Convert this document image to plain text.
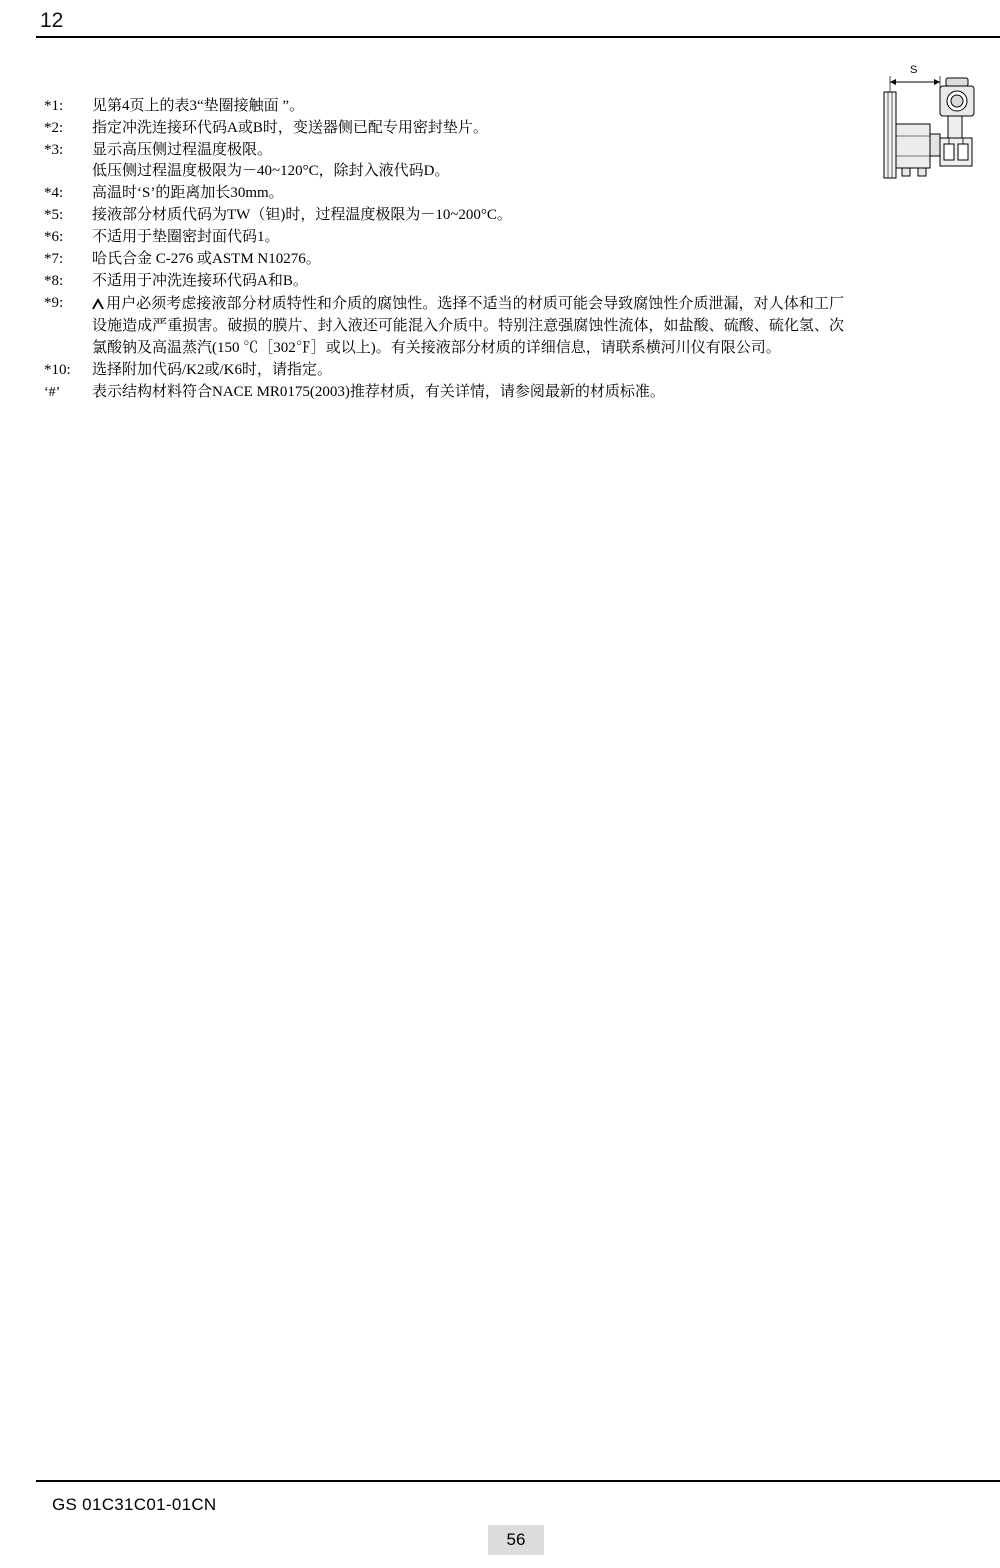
12
S
*1:	见第4页上的表3“垫圈接触面 ”。
*2:	指定冲洗连接环代码A或B时，变送器侧已配专用密封垫片。
*3:	显示高压侧过程温度极限。
低压侧过程温度极限为－40~120°C，除封入液代码D。
*4:	高温时‘S’的距离加长30mm。
*5:	接液部分材质代码为TW（钽)时，过程温度极限为－10~200°C。
*6:	不适用于垫圈密封面代码1。
*7:	哈氏合金 C-276 或ASTM N10276。
*8:	不适用于冲洗连接环代码A和B。
*9:	用户必须考虑接液部分材质特性和介质的腐蚀性。选择不适当的材质可能会导致腐蚀性介质泄漏，对人体和工厂设施造成严重损害。破损的膜片、封入液还可能混入介质中。特别注意强腐蚀性流体，如盐酸、硫酸、硫化氢、次氯酸钠及高温蒸汽(150 ℃［302℉］或以上)。有关接液部分材质的详细信息，请联系横河川仪有限公司。
*10:	选择附加代码/K2或/K6时，请指定。
‘#’	表示结构材料符合NACE MR0175(2003)推荐材质，有关详情，请参阅最新的材质标准。
GS 01C31C01-01CN
56
